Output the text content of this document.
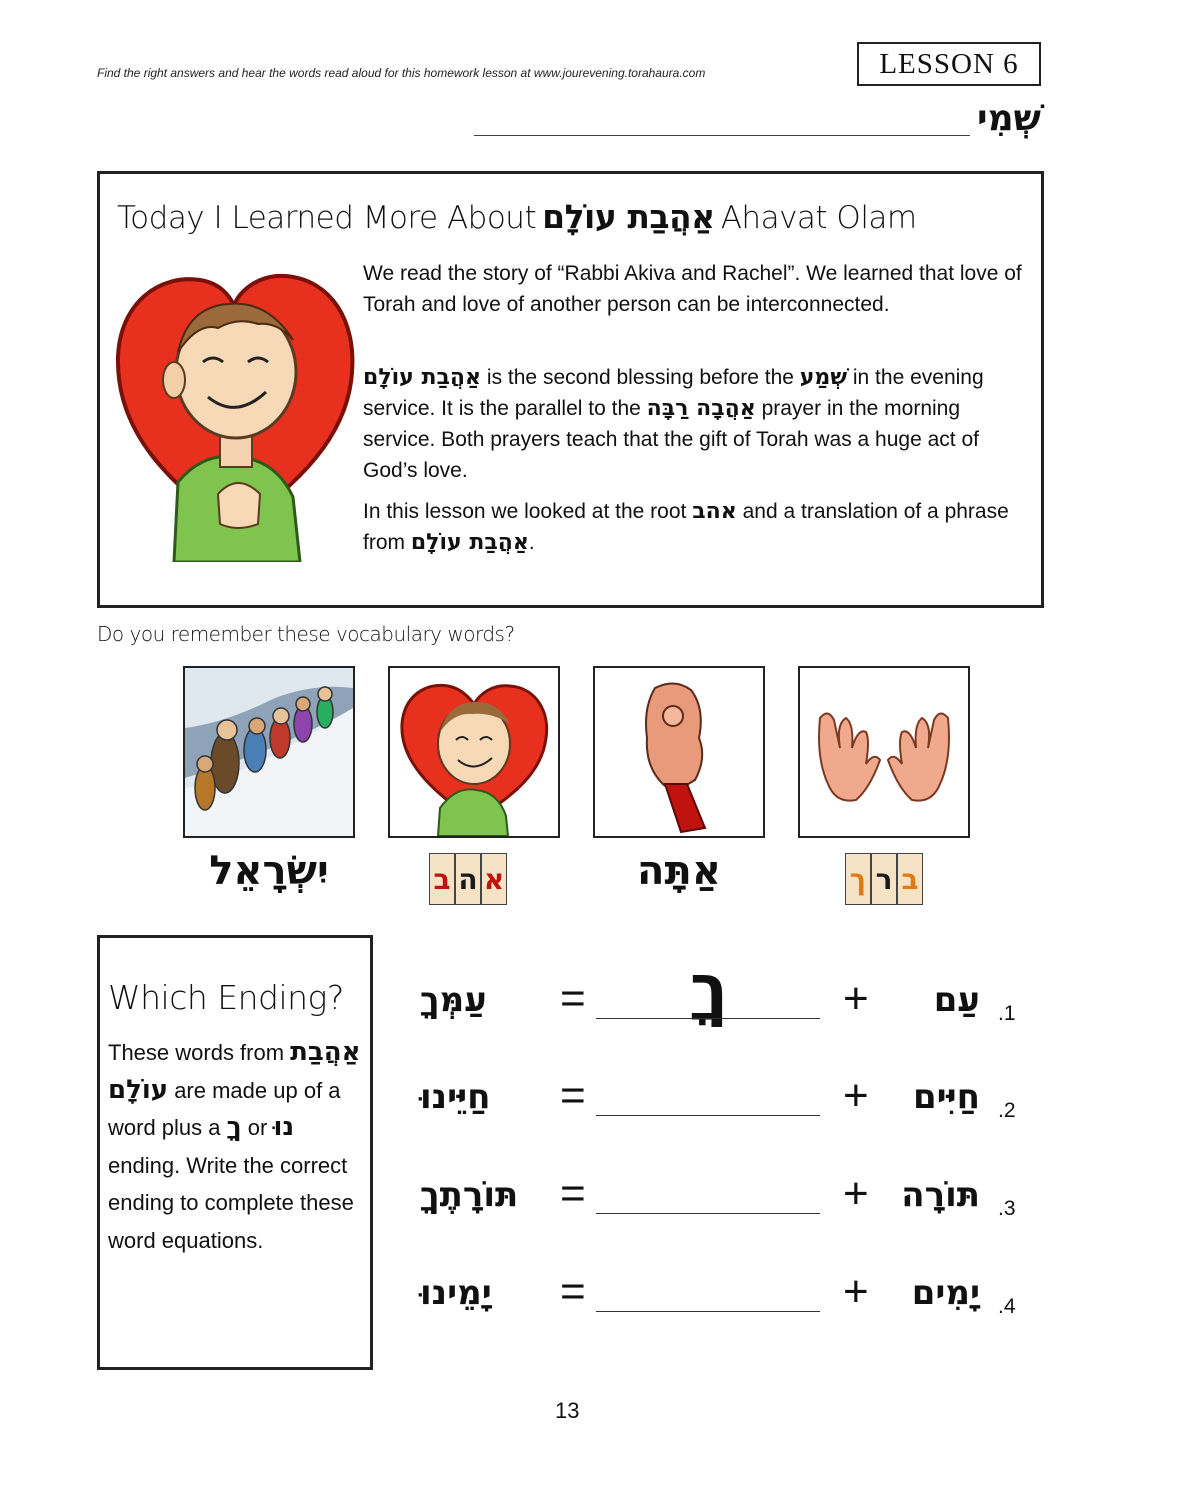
Find the right answers and hear the words read aloud for this homework lesson at www.jourevening.torahaura.com	LESSON 6
שְׁמִי
Today I Learned More About אַהֲבַת עוֹלָם Ahavat Olam
We read the story of “Rabbi Akiva and Rachel”. We learned that love of Torah and love of another person can be interconnected.
אַהֲבַת עוֹלָם is the second blessing before the שְׁמַע in the evening service. It is the parallel to the אַהֲבָה רַבָּה prayer in the morning service. Both prayers teach that the gift of Torah was a huge act of God’s love.
In this lesson we looked at the root אהב and a translation of a phrase from אַהֲבַת עוֹלָם.
Do you remember these vocabulary words?
יִשְׂרָאֵל	א
ה
ב	אַתָּה	ב
ר
ך
Which Ending?
These words from אַהֲבַת עוֹלָם are made up of a word plus a ךָ or נוּ ending. Write the correct ending to complete these word equations.
ךָ
עַמְּךָ	=	+	עַם .1
חַיֵּינוּ	=	+	חַיִּים .2
תּוֹרָתֶךָ =	+ תּוֹרָה .3
יָמֵינוּ	=	+	יָמִים .4
13
